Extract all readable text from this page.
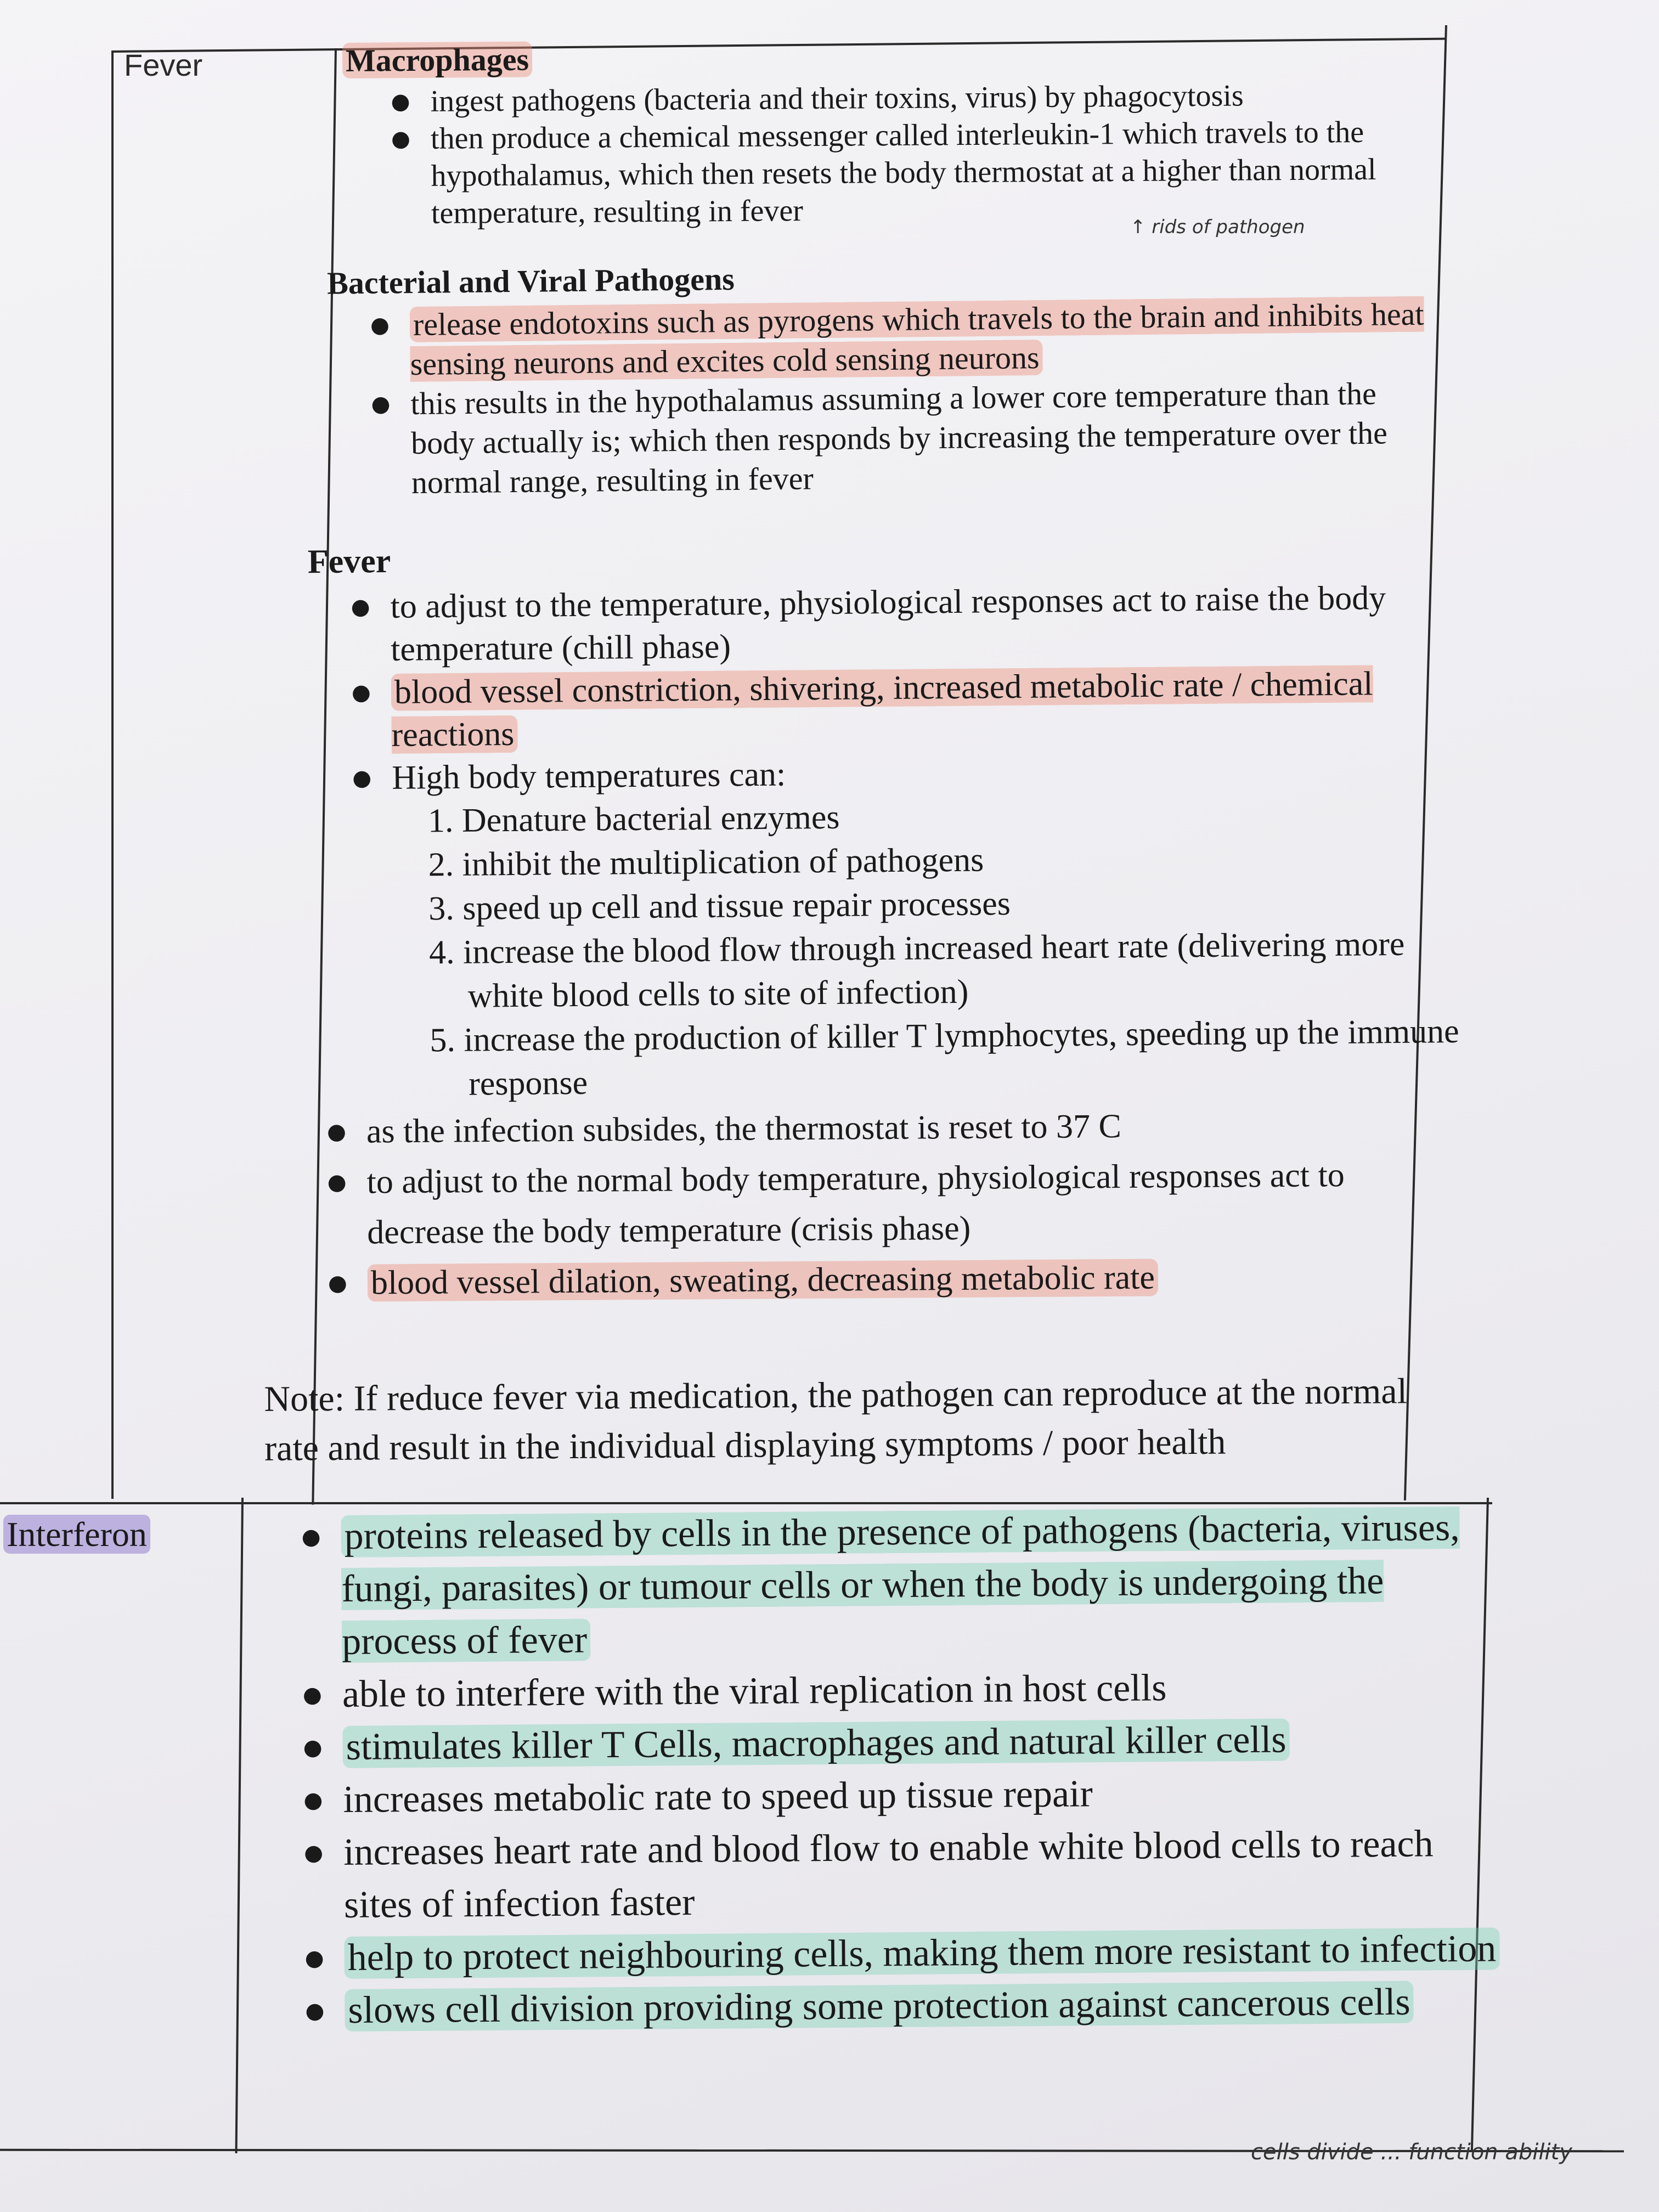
Fever
Interferon
Macrophages
● ingest pathogens (bacteria and their toxins, virus) by phagocytosis
● then produce a chemical messenger called interleukin-1 which travels to the hypothalamus, which then resets the body thermostat at a higher than normal temperature, resulting in fever	↑ rids of pathogen
Bacterial and Viral Pathogens
● release endotoxins such as pyrogens which travels to the brain and inhibits heat sensing neurons and excites cold sensing neurons
● this results in the hypothalamus assuming a lower core temperature than the body actually is; which then responds by increasing the temperature over the normal range, resulting in fever
Fever
● to adjust to the temperature, physiological responses act to raise the body temperature (chill phase)
● blood vessel constriction, shivering, increased metabolic rate / chemical reactions
● High body temperatures can:
1. Denature bacterial enzymes
2. inhibit the multiplication of pathogens
3. speed up cell and tissue repair processes
4. increase the blood flow through increased heart rate (delivering more white blood cells to site of infection)
5. increase the production of killer T lymphocytes, speeding up the immune response
● as the infection subsides, the thermostat is reset to 37 C
● to adjust to the normal body temperature, physiological responses act to decrease the body temperature (crisis phase)
● blood vessel dilation, sweating, decreasing metabolic rate
Note: If reduce fever via medication, the pathogen can reproduce at the normal rate and result in the individual displaying symptoms / poor health
● proteins released by cells in the presence of pathogens (bacteria, viruses, fungi, parasites) or tumour cells or when the body is undergoing the process of fever
● able to interfere with the viral replication in host cells
● stimulates killer T Cells, macrophages and natural killer cells
● increases metabolic rate to speed up tissue repair
● increases heart rate and blood flow to enable white blood cells to reach sites of infection faster
● help to protect neighbouring cells, making them more resistant to infection
● slows cell division providing some protection against cancerous cells
cells divide ... function ability
